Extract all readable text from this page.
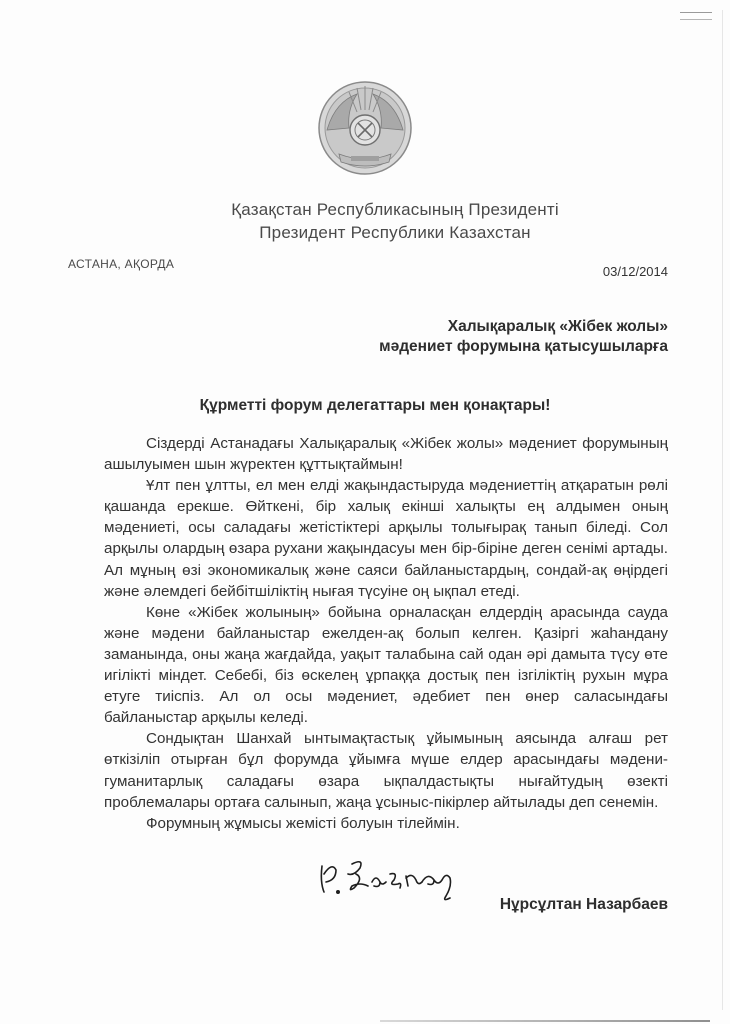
Қазақстан Республикасының Президенті
Президент Республики Казахстан
АСТАНА, АҚОРДА	03/12/2014
Халықаралық «Жібек жолы»
мәдениет форумына қатысушыларға
Құрметті форум делегаттары мен қонақтары!

Сіздерді Астанадағы Халықаралық «Жібек жолы» мәдениет форумының ашылуымен шын жүректен құттықтаймын!

Ұлт пен ұлтты, ел мен елді жақындастыруда мәдениеттің атқаратын рөлі қашанда ерекше. Өйткені, бір халық екінші халықты ең алдымен оның мәдениеті, осы саладағы жетістіктері арқылы толығырақ танып біледі. Сол арқылы олардың өзара рухани жақындасуы мен бір-біріне деген сенімі артады. Ал мұның өзі экономикалық және саяси байланыстардың, сондай-ақ өңірдегі және әлемдегі бейбітшіліктің нығая түсуіне оң ықпал етеді.

Көне «Жібек жолының» бойына орналасқан елдердің арасында сауда және мәдени байланыстар ежелден-ақ болып келген. Қазіргі жаһандану заманында, оны жаңа жағдайда, уақыт талабына сай одан әрі дамыта түсу өте игілікті міндет. Себебі, біз өскелең ұрпаққа достық пен ізгіліктің рухын мұра етуге тиіспіз. Ал ол осы мәдениет, әдебиет пен өнер саласындағы байланыстар арқылы келеді.

Сондықтан Шанхай ынтымақтастық ұйымының аясында алғаш рет өткізіліп отырған бұл форумда ұйымға мүше елдер арасындағы мәдени-гуманитарлық саладағы өзара ықпалдастықты нығайтудың өзекті проблемалары ортаға салынып, жаңа ұсыныс-пікірлер айтылады деп сенемін.

Форумның жұмысы жемісті болуын тілеймін.

Нұрсұлтан Назарбаев
